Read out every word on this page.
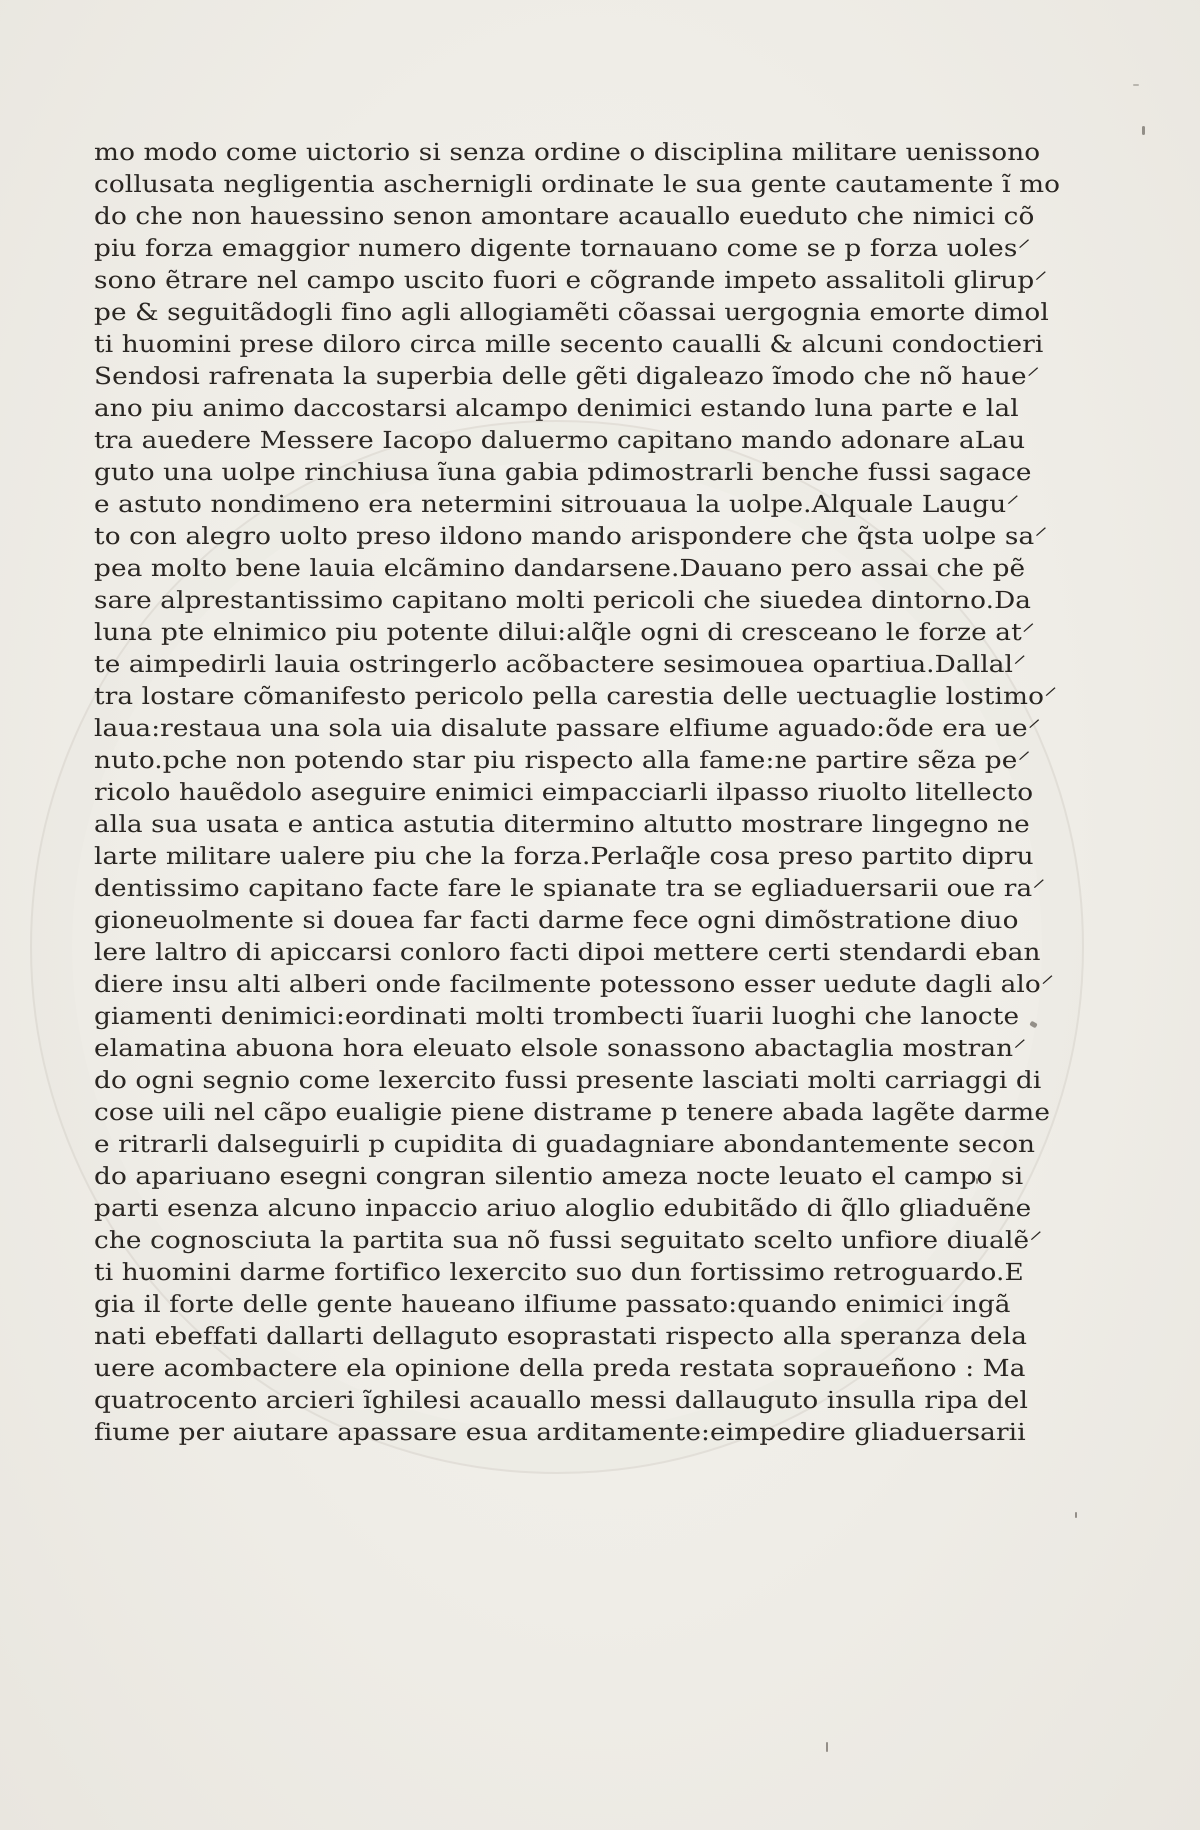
mo modo come uictorio si senza ordine o disciplina militare uenissono
collusata negligentia aschernigli ordinate le sua gente cautamente ĩ mo
do che non hauessino senon amontare acauallo eueduto che nimici cõ
piu forza emaggior numero digente tornauano come se p forza uoles⸍
sono ẽtrare nel campo uscito fuori e cõgrande impeto assalitoli glirup⸍
pe & seguitãdogli fino agli allogiamẽti cõassai uergognia emorte dimol
ti huomini prese diloro circa mille secento caualli & alcuni condoctieri
Sendosi rafrenata la superbia delle gẽti digaleazo ĩmodo che nõ haue⸍
ano piu animo daccostarsi alcampo denimici estando luna parte e lal
tra auedere Messere Iacopo daluermo capitano mando adonare aLau
guto una uolpe rinchiusa ĩuna gabia pdimostrarli benche fussi sagace
e astuto nondimeno era netermini sitrouaua la uolpe.Alquale Laugu⸍
to con alegro uolto preso ildono mando arispondere che q̃sta uolpe sa⸍
pea molto bene lauia elcãmino dandarsene.Dauano pero assai che pẽ
sare alprestantissimo capitano molti pericoli che siuedea dintorno.Da
luna pte elnimico piu potente dilui:alq̃le ogni di cresceano le forze at⸍
te aimpedirli lauia ostringerlo acõbactere sesimouea opartiua.Dallal⸍
tra lostare cõmanifesto pericolo pella carestia delle uectuaglie lostimo⸍
laua:restaua una sola uia disalute passare elfiume aguado:õde era ue⸍
nuto.pche non potendo star piu rispecto alla fame:ne partire sẽza pe⸍
ricolo hauẽdolo aseguire enimici eimpacciarli ilpasso riuolto litellecto
alla sua usata e antica astutia ditermino altutto mostrare lingegno ne
larte militare ualere piu che la forza.Perlaq̃le cosa preso partito dipru
dentissimo capitano facte fare le spianate tra se egliaduersarii oue ra⸍
gioneuolmente si douea far facti darme fece ogni dimõstratione diuo
lere laltro di apiccarsi conloro facti dipoi mettere certi stendardi eban
diere insu alti alberi onde facilmente potessono esser uedute dagli alo⸍
giamenti denimici:eordinati molti trombecti ĩuarii luoghi che lanocte
elamatina abuona hora eleuato elsole sonassono abactaglia mostran⸍
do ogni segnio come lexercito fussi presente lasciati molti carriaggi di
cose uili nel cãpo eualigie piene distrame p tenere abada lagẽte darme
e ritrarli dalseguirli p cupidita di guadagniare abondantemente secon
do apariuano esegni congran silentio ameza nocte leuato el campo si
parti esenza alcuno inpaccio ariuo aloglio edubitãdo di q̃llo gliaduẽne
che cognosciuta la partita sua nõ fussi seguitato scelto unfiore diualẽ⸍
ti huomini darme fortifico lexercito suo dun fortissimo retroguardo.E
gia il forte delle gente haueano ilfiume passato:quando enimici ingã
nati ebeffati dallarti dellaguto esoprastati rispecto alla speranza dela
uere acombactere ela opinione della preda restata sopraueñono : Ma
quatrocento arcieri ĩghilesi acauallo messi dallauguto insulla ripa del
fiume per aiutare apassare esua arditamente:eimpedire gliaduersarii
